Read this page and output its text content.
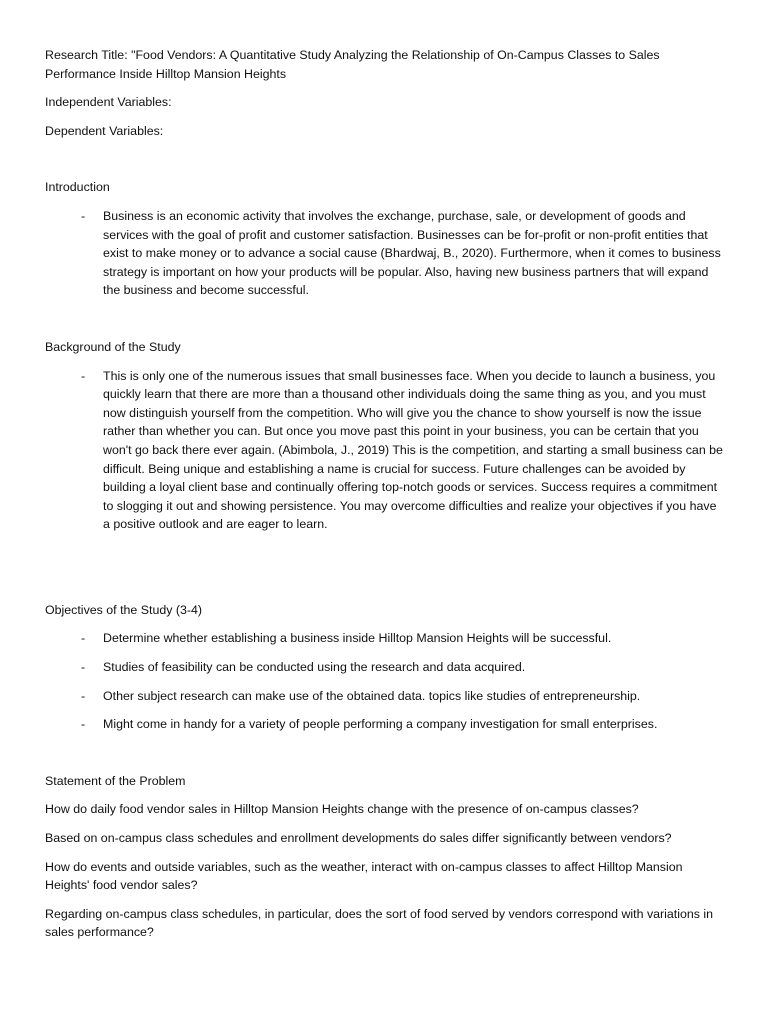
Research Title: "Food Vendors: A Quantitative Study Analyzing the Relationship of On-Campus Classes to Sales Performance Inside Hilltop Mansion Heights

Independent Variables:

Dependent Variables:

Introduction

- Business is an economic activity that involves the exchange, purchase, sale, or development of goods and services with the goal of profit and customer satisfaction. Businesses can be for-profit or non-profit entities that exist to make money or to advance a social cause (Bhardwaj, B., 2020). Furthermore, when it comes to business strategy is important on how your products will be popular. Also, having new business partners that will expand the business and become successful.

Background of the Study

- This is only one of the numerous issues that small businesses face. When you decide to launch a business, you quickly learn that there are more than a thousand other individuals doing the same thing as you, and you must now distinguish yourself from the competition. Who will give you the chance to show yourself is now the issue rather than whether you can. But once you move past this point in your business, you can be certain that you won't go back there ever again. (Abimbola, J., 2019) This is the competition, and starting a small business can be difficult. Being unique and establishing a name is crucial for success. Future challenges can be avoided by building a loyal client base and continually offering top-notch goods or services. Success requires a commitment to slogging it out and showing persistence. You may overcome difficulties and realize your objectives if you have a positive outlook and are eager to learn.

Objectives of the Study (3-4)

- Determine whether establishing a business inside Hilltop Mansion Heights will be successful.
- Studies of feasibility can be conducted using the research and data acquired.
- Other subject research can make use of the obtained data. topics like studies of entrepreneurship.
- Might come in handy for a variety of people performing a company investigation for small enterprises.

Statement of the Problem

How do daily food vendor sales in Hilltop Mansion Heights change with the presence of on-campus classes?

Based on on-campus class schedules and enrollment developments do sales differ significantly between vendors?

How do events and outside variables, such as the weather, interact with on-campus classes to affect Hilltop Mansion Heights' food vendor sales?

Regarding on-campus class schedules, in particular, does the sort of food served by vendors correspond with variations in sales performance?
